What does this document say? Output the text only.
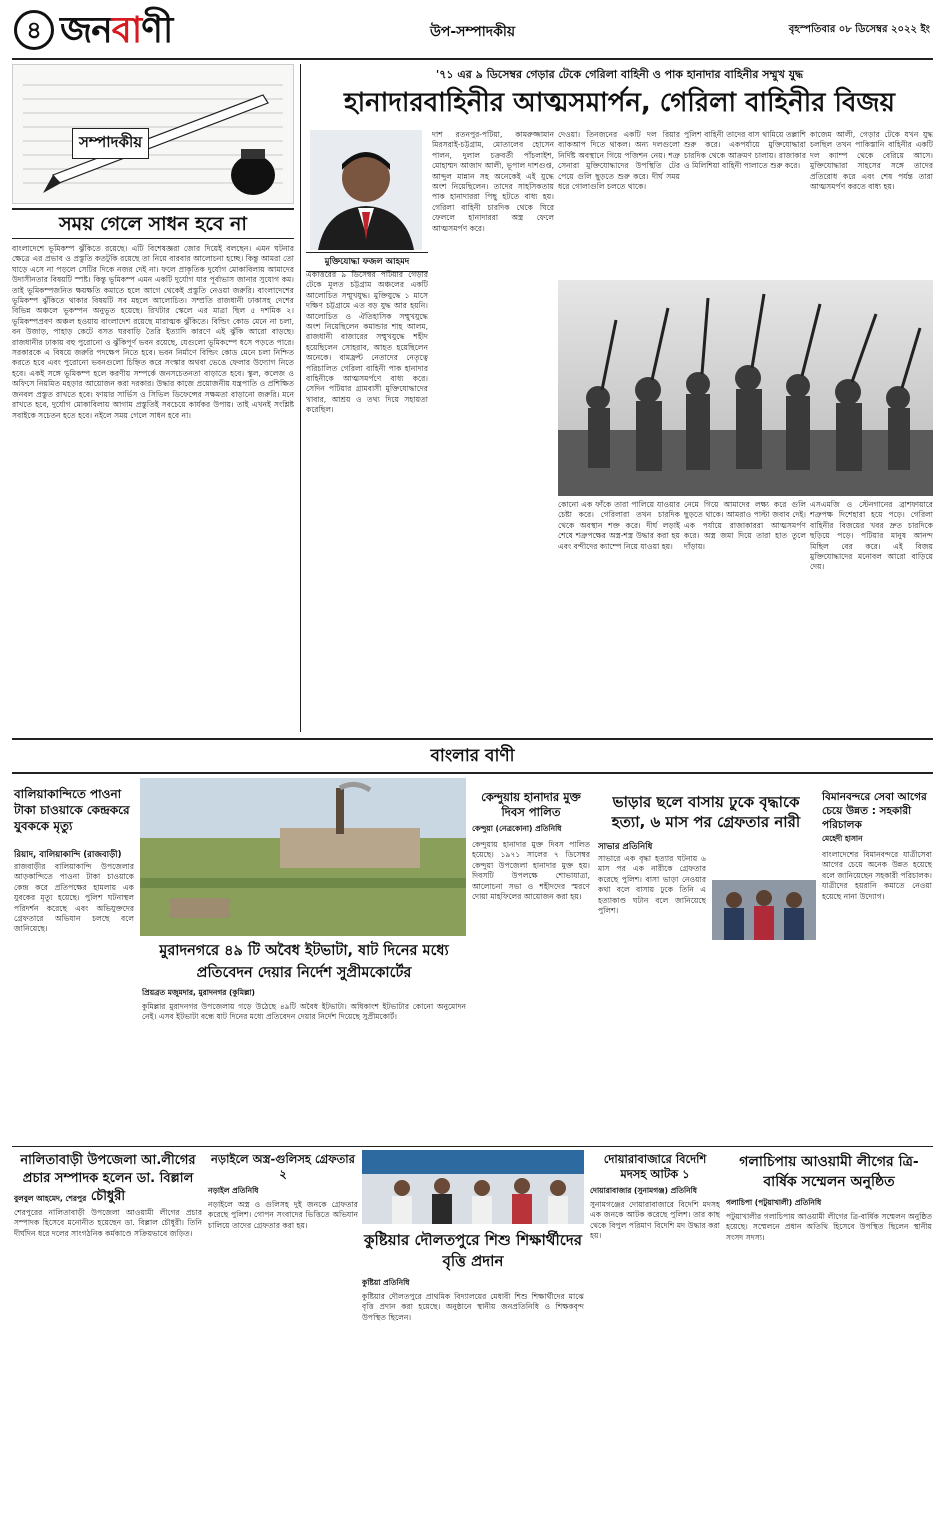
৪ জনবাণী	উপ-সম্পাদকীয়	বৃহস্পতিবার ০৮ ডিসেম্বর ২০২২ ইং
সম্পাদকীয়
সময় গেলে সাধন হবে না
বাংলাদেশে ভূমিকম্প ঝুঁকিতে রয়েছে। এটি বিশেষজ্ঞরা জোর দিয়েই বলছেন। এমন ঘটনার ক্ষেত্রে এর প্রভাব ও প্রস্তুতি কতটুকি রয়েছে তা নিয়ে বারবার আলোচনা হচ্ছে। কিন্তু আমরা তো ঘাড়ে এসে না পড়লে সেটির দিকে নজর দেই না। ফলে প্রাকৃতিক দুর্যোগ মোকাবিলায় আমাদের উদাসীনতার বিষয়টি স্পষ্ট। কিন্তু ভূমিকম্প এমন একটি দুর্যোগ যার পূর্বাভাস জানার সুযোগ কম। তাই ভূমিকম্পজনিত ক্ষয়ক্ষতি কমাতে হলে আগে থেকেই প্রস্তুতি নেওয়া জরুরি। বাংলাদেশের ভূমিকম্প ঝুঁকিতে থাকার বিষয়টি সব মহলে আলোচিত। সম্প্রতি রাজধানী ঢাকাসহ দেশের বিভিন্ন অঞ্চলে ভূকম্পন অনুভূত হয়েছে। রিখটার স্কেলে এর মাত্রা ছিল ৫ দশমিক ২। ভূমিকম্পপ্রবণ অঞ্চল হওয়ায় বাংলাদেশ রয়েছে মারাত্মক ঝুঁকিতে। বিল্ডিং কোড মেনে না চলা, বন উজাড়, পাহাড় কেটে বসত ঘরবাড়ি তৈরি ইত্যাদি কারণে এই ঝুঁকি আরো বাড়ছে। রাজধানীর ঢাকায় বহু পুরোনো ও ঝুঁকিপূর্ণ ভবন রয়েছে, যেগুলো ভূমিকম্পে ধসে পড়তে পারে। সরকারকে এ বিষয়ে জরুরি পদক্ষেপ নিতে হবে। ভবন নির্মাণে বিল্ডিং কোড মেনে চলা নিশ্চিত করতে হবে এবং পুরোনো ভবনগুলো চিহ্নিত করে সংস্কার অথবা ভেঙে ফেলার উদ্যোগ নিতে হবে। একই সঙ্গে ভূমিকম্প হলে করণীয় সম্পর্কে জনসচেতনতা বাড়াতে হবে। স্কুল, কলেজ ও অফিসে নিয়মিত মহড়ার আয়োজন করা দরকার। উদ্ধার কাজে প্রয়োজনীয় যন্ত্রপাতি ও প্রশিক্ষিত জনবল প্রস্তুত রাখতে হবে। ফায়ার সার্ভিস ও সিভিল ডিফেন্সের সক্ষমতা বাড়ানো জরুরি। মনে রাখতে হবে, দুর্যোগ মোকাবিলায় আগাম প্রস্তুতিই সবচেয়ে কার্যকর উপায়। তাই এখনই সংশ্লিষ্ট সবাইকে সচেতন হতে হবে। নইলে সময় গেলে সাধন হবে না।
'৭১ এর ৯ ডিসেম্বর গেড়ার টেকে গেরিলা বাহিনী ও পাক হানাদার বাহিনীর সম্মুখ যুদ্ধ
হানাদারবাহিনীর আত্মসমার্পন, গেরিলা বাহিনীর বিজয়
মুক্তিযোদ্ধা ফজল আহমদ
একাত্তরের ৯ ডিসেম্বর পটিয়ার গেড়ার টেকে মূলত চট্টগ্রাম অঞ্চলের একটি আলোচিত সম্মুখযুদ্ধ। মুক্তিযুদ্ধে ১ মাসে দক্ষিণ চট্টগ্রামে এত বড় যুদ্ধ আর হয়নি। আলোচিত ও ঐতিহাসিক সম্মুখযুদ্ধে অংশ নিয়েছিলেন কমান্ডার শাহ আলম, রাজধানী বাজারের সম্মুখযুদ্ধে শহীদ হয়েছিলেন সোহরাব, আহত হয়েছিলেন অনেকে। বামফ্রন্ট নেতাদের নেতৃত্বে পরিচালিত গেরিলা বাহিনী পাক হানাদার বাহিনীকে আত্মসমর্পণে বাধ্য করে। সেদিন পটিয়ার গ্রামবাসী মুক্তিযোদ্ধাদের খাবার, আশ্রয় ও তথ্য দিয়ে সহায়তা করেছিল।
দাশ রতনপুর-পটিয়া, কামরুজ্জামান মিরসরাই-চট্টগ্রাম, মোতালেব হোসেন পালন, দুলাল চক্রবর্তী পাঁচলাইশ, মোহাম্মদ আজাদ আলী, ভূপাল দাশগুপ্ত, আব্দুল মান্নান সহ অনেকেই এই যুদ্ধে অংশ নিয়েছিলেন। তাদের সাহসিকতায় পাক হানাদাররা পিছু হটতে বাধ্য হয়। গেরিলা বাহিনী চারদিক থেকে ঘিরে ফেললে হানাদাররা অস্ত্র ফেলে আত্মসমর্পণ করে।
দেওয়া। তিনজনের একটি দল রিয়ার ব্যাকআপ দিতে থাকল। অন্য দলগুলো নির্দিষ্ট অবস্থানে গিয়ে পজিশন নেয়। শত্রু সেনারা মুক্তিযোদ্ধাদের উপস্থিতি টের পেয়ে গুলি ছুড়তে শুরু করে। দীর্ঘ সময় ধরে গোলাগুলি চলতে থাকে।
পুলিশ বাহিনী তাদের বাস থামিয়ে তল্লাশি শুরু করে। একপর্যায়ে মুক্তিযোদ্ধারা চারদিক থেকে আক্রমণ চালায়। রাজাকার ও মিলিশিয়া বাহিনী পালাতে শুরু করে।
কাজেম আলী, গেড়ার টেকে যখন যুদ্ধ চলছিল তখন পাকিস্তানি বাহিনীর একটি দল ক্যাম্প থেকে বেরিয়ে আসে। মুক্তিযোদ্ধারা সাহসের সঙ্গে তাদের প্রতিরোধ করে এবং শেষ পর্যন্ত তারা আত্মসমর্পণ করতে বাধ্য হয়।
কোনো এক ফাঁকে তারা পালিয়ে যাওয়ার চেষ্টা করে। গেরিলারা তখন চারদিক থেকে অবস্থান শক্ত করে। দীর্ঘ লড়াই শেষে শত্রুপক্ষের অস্ত্র-শস্ত্র উদ্ধার করা হয় এবং বন্দীদের ক্যাম্পে নিয়ে যাওয়া হয়।
নেমে গিয়ে আমাদের লক্ষ্য করে গুলি ছুড়তে থাকে। আমরাও পাল্টা জবাব দেই। এক পর্যায়ে রাজাকাররা আত্মসমর্পণ করে। অস্ত্র জমা দিয়ে তারা হাত তুলে দাঁড়ায়।
এসএমজি ও স্টেনগানের ব্রাশফায়ারে শত্রুপক্ষ দিশেহারা হয়ে পড়ে। গেরিলা বাহিনীর বিজয়ের খবর দ্রুত চারদিকে ছড়িয়ে পড়ে। পটিয়ার মানুষ আনন্দ মিছিল বের করে। এই বিজয় মুক্তিযোদ্ধাদের মনোবল আরো বাড়িয়ে দেয়।
বাংলার বাণী
বালিয়াকান্দিতে পাওনা টাকা চাওয়াকে কেন্দ্রকরে যুবককে মৃত্যু
রিয়াদ, বালিয়াকান্দি (রাজবাড়ী)
রাজবাড়ীর বালিয়াকান্দি উপজেলার আড়কান্দিতে পাওনা টাকা চাওয়াকে কেন্দ্র করে প্রতিপক্ষের হামলায় এক যুবকের মৃত্যু হয়েছে। পুলিশ ঘটনাস্থল পরিদর্শন করেছে এবং অভিযুক্তদের গ্রেফতারে অভিযান চলছে বলে জানিয়েছে।
কেন্দুয়ায় হানাদার মুক্ত দিবস পালিত
কেন্দুয়া (নেত্রকোনা) প্রতিনিধি
কেন্দুয়ায় হানাদার মুক্ত দিবস পালিত হয়েছে। ১৯৭১ সালের ৭ ডিসেম্বর কেন্দুয়া উপজেলা হানাদার মুক্ত হয়। দিবসটি উপলক্ষে শোভাযাত্রা, আলোচনা সভা ও শহীদদের স্মরণে দোয়া মাহফিলের আয়োজন করা হয়।
ভাড়ার ছলে বাসায় ঢুকে বৃদ্ধাকে হত্যা, ৬ মাস পর গ্রেফতার নারী
সাভার প্রতিনিধি
সাভারে এক বৃদ্ধা হত্যার ঘটনায় ৬ মাস পর এক নারীকে গ্রেফতার করেছে পুলিশ। বাসা ভাড়া নেওয়ার কথা বলে বাসায় ঢুকে তিনি এ হত্যাকাণ্ড ঘটান বলে জানিয়েছে পুলিশ।
বিমানবন্দরে সেবা আগের চেয়ে উন্নত : সহকারী পরিচালক
মেহেদী হাসান
বাংলাদেশের বিমানবন্দরে যাত্রীসেবা আগের চেয়ে অনেক উন্নত হয়েছে বলে জানিয়েছেন সহকারী পরিচালক। যাত্রীদের হয়রানি কমাতে নেওয়া হয়েছে নানা উদ্যোগ।
মুরাদনগরে ৪৯ টি অবৈধ ইটভাটা, ষাট দিনের মধ্যে প্রতিবেদন দেয়ার নির্দেশ সুপ্রীমকোর্টের
প্রিয়ব্রত মজুমদার, মুরাদনগর (কুমিল্লা)
কুমিল্লার মুরাদনগর উপজেলায় গড়ে উঠেছে ৪৯টি অবৈধ ইটভাটা। অধিকাংশ ইটভাটার কোনো অনুমোদন নেই। এসব ইটভাটা বন্ধে ষাট দিনের মধ্যে প্রতিবেদন দেয়ার নির্দেশ দিয়েছে সুপ্রীমকোর্ট।
নালিতাবাড়ী উপজেলা আ.লীগের প্রচার সম্পাদক হলেন ডা. বিল্লাল চৌধুরী
বুলবুল আহমেদ, শেরপুর
শেরপুরের নালিতাবাড়ী উপজেলা আওয়ামী লীগের প্রচার সম্পাদক হিসেবে মনোনীত হয়েছেন ডা. বিল্লাল চৌধুরী। তিনি দীর্ঘদিন ধরে দলের সাংগঠনিক কর্মকাণ্ডে সক্রিয়ভাবে জড়িত।
নড়াইলে অস্ত্র-গুলিসহ গ্রেফতার ২
নড়াইল প্রতিনিধি
নড়াইলে অস্ত্র ও গুলিসহ দুই জনকে গ্রেফতার করেছে পুলিশ। গোপন সংবাদের ভিত্তিতে অভিযান চালিয়ে তাদের গ্রেফতার করা হয়।
কুষ্টিয়ার দৌলতপুরে শিশু শিক্ষার্থীদের বৃত্তি প্রদান
কুষ্টিয়া প্রতিনিধি
কুষ্টিয়ার দৌলতপুরে প্রাথমিক বিদ্যালয়ের মেধাবী শিশু শিক্ষার্থীদের মাঝে বৃত্তি প্রদান করা হয়েছে। অনুষ্ঠানে স্থানীয় জনপ্রতিনিধি ও শিক্ষকবৃন্দ উপস্থিত ছিলেন।
দোয়ারাবাজারে বিদেশি মদসহ আটক ১
দোয়ারাবাজার (সুনামগঞ্জ) প্রতিনিধি
সুনামগঞ্জের দোয়ারাবাজারে বিদেশি মদসহ এক জনকে আটক করেছে পুলিশ। তার কাছ থেকে বিপুল পরিমাণ বিদেশি মদ উদ্ধার করা হয়।
গলাচিপায় আওয়ামী লীগের ত্রি-বার্ষিক সম্মেলন অনুষ্ঠিত
গলাচিপা (পটুয়াখালী) প্রতিনিধি
পটুয়াখালীর গলাচিপায় আওয়ামী লীগের ত্রি-বার্ষিক সম্মেলন অনুষ্ঠিত হয়েছে। সম্মেলনে প্রধান অতিথি হিসেবে উপস্থিত ছিলেন স্থানীয় সংসদ সদস্য।
